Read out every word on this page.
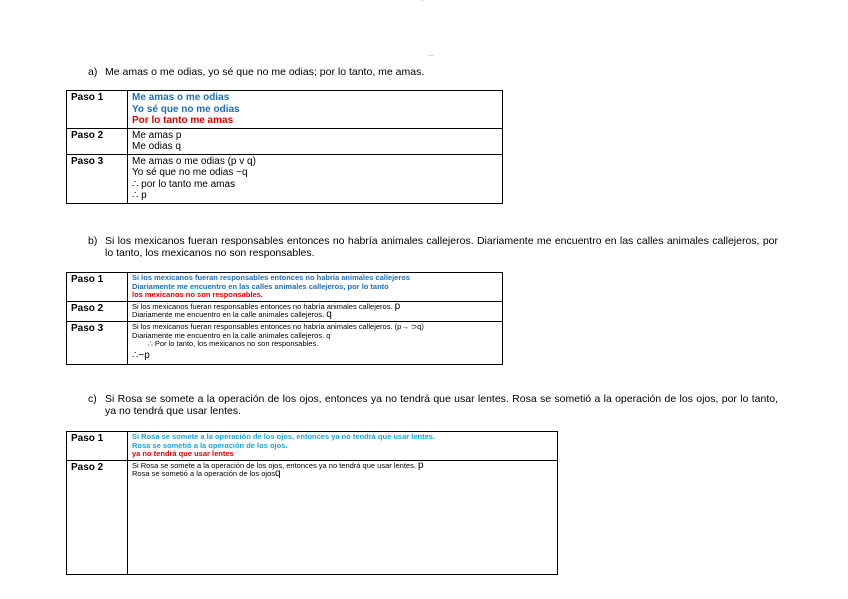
..
....
a) Me amas o me odias, yo sé que no me odias; por lo tanto, me amas.
Paso 1	Me amas o me odias
Yo sé que no me odias
Por lo tanto me amas

Paso 2	Me amas p
Me odias q

Paso 3	Me amas o me odias (p v q)
Yo sé que no me odias ~q
∴ por lo tanto me amas
∴ p
b) Si los mexicanos fueran responsables entonces no habría animales callejeros. Diariamente me encuentro en las calles animales callejeros, por lo tanto, los mexicanos no son responsables.
Paso 1	Si los mexicanos fueran responsables entonces no habría animales callejeros
Diariamente me encuentro en las calles animales callejeros, por lo tanto
los mexicanos no son responsables.

Paso 2	Si los mexicanos fueran responsables entonces no habría animales callejeros. p
Diariamente me encuentro en la calle animales callejeros. q

Paso 3	Si los mexicanos fueran responsables entonces no habría animales callejeros. (p→ ⊃q)
Diariamente me encuentro en la calle animales callejeros. q
∴ Por lo tanto, los mexicanos no son responsables.
∴~p
c) Si Rosa se somete a la operación de los ojos, entonces ya no tendrá que usar lentes. Rosa se sometió a la operación de los ojos, por lo tanto, ya no tendrá que usar lentes.
Paso 1	Si Rosa se somete a la operación de los ojos, entonces ya no tendrá que usar lentes.
Rosa se sometió a la operación de los ojos.
ya no tendrá que usar lentes

Paso 2	Si Rosa se somete a la operación de los ojos, entonces ya no tendrá que usar lentes. p
Rosa se sometió a la operación de los ojosq
